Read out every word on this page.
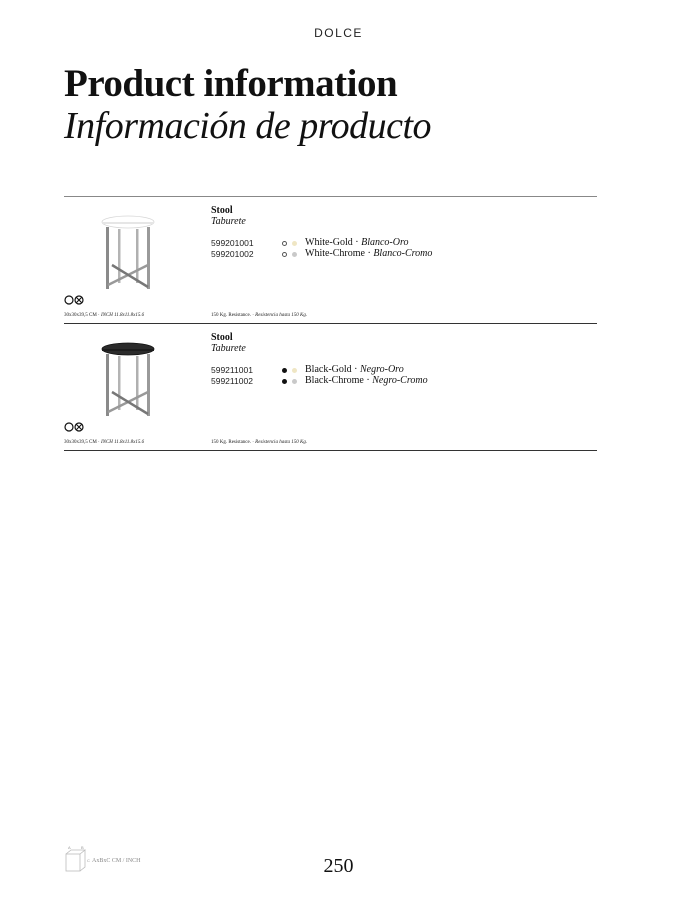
DOLCE
Product information
Información de producto
Stool
Taburete
599201001	White-Gold · Blanco-Oro
599201002	White-Chrome · Blanco-Cromo
30x30x39,5 CM · INCH 11.8x11.8x15.6	150 Kg. Resistance. · Resistencia hasta 150 Kg.
Stool
Taburete
599211001	Black-Gold · Negro-Oro
599211002	Black-Chrome · Negro-Cromo
30x30x39,5 CM · INCH 11.8x11.8x15.6	150 Kg. Resistance. · Resistencia hasta 150 Kg.
A	B
C AxBxC CM / INCH	250
